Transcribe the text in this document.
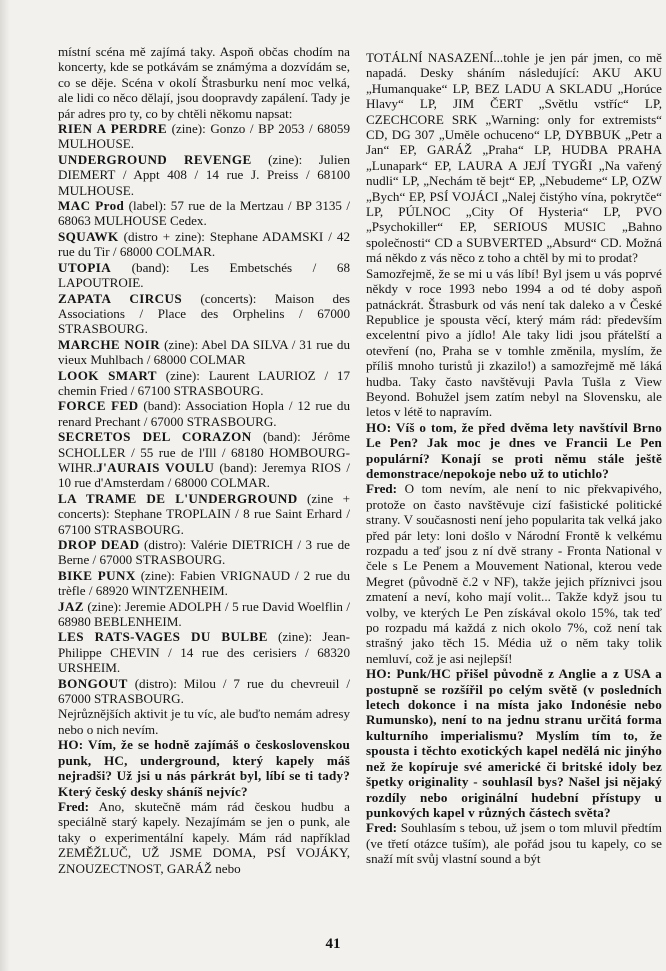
místní scéna mě zajímá taky. Aspoň občas chodím na koncerty, kde se potkávám se známýma a dozvídám se, co se děje. Scéna v okolí Štrasburku není moc velká, ale lidi co něco dělají, jsou doopravdy zapálení. Tady je pár adres pro ty, co by chtěli někomu napsat:

RIEN A PERDRE (zine): Gonzo / BP 2053 / 68059 MULHOUSE.

UNDERGROUND REVENGE (zine): Julien DIEMERT / Appt 408 / 14 rue J. Preiss / 68100 MULHOUSE.

MAC Prod (label): 57 rue de la Mertzau / BP 3135 / 68063 MULHOUSE Cedex.

SQUAWK (distro + zine): Stephane ADAMSKI / 42 rue du Tir / 68000 COLMAR.

UTOPIA (band): Les Embetschés / 68 LAPOUTROIE.

ZAPATA CIRCUS (concerts): Maison des Associations / Place des Orphelins / 67000 STRASBOURG.

MARCHE NOIR (zine): Abel DA SILVA / 31 rue du vieux Muhlbach / 68000 COLMAR

LOOK SMART (zine): Laurent LAURIOZ / 17 chemin Fried / 67100 STRASBOURG.

FORCE FED (band): Association Hopla / 12 rue du renard Prechant / 67000 STRASBOURG.

SECRETOS DEL CORAZON (band): Jérôme SCHOLLER / 55 rue de l'Ill / 68180 HOMBOURG-WIHR.J'AURAIS VOULU (band): Jeremya RIOS / 10 rue d'Amsterdam / 68000 COLMAR.

LA TRAME DE L'UNDERGROUND (zine + concerts): Stephane TROPLAIN / 8 rue Saint Erhard / 67100 STRASBOURG.

DROP DEAD (distro): Valérie DIETRICH / 3 rue de Berne / 67000 STRASBOURG.

BIKE PUNX (zine): Fabien VRIGNAUD / 2 rue du trèfle / 68920 WINTZENHEIM.

JAZ (zine): Jeremie ADOLPH / 5 rue David Woelflin / 68980 BEBLENHEIM.

LES RATS-VAGES DU BULBE (zine): Jean-Philippe CHEVIN / 14 rue des cerisiers / 68320 URSHEIM.

BONGOUT (distro): Milou / 7 rue du chevreuil / 67000 STRASBOURG.

Nejrůznějších aktivit je tu víc, ale buďto nemám adresy nebo o nich nevím.

HO: Vím, že se hodně zajímáš o československou punk, HC, underground, který kapely máš nejradši? Už jsi u nás párkrát byl, líbí se ti tady? Který český desky sháníš nejvíc?

Fred: Ano, skutečně mám rád českou hudbu a speciálně starý kapely. Nezajímám se jen o punk, ale taky o experimentální kapely. Mám rád například ZEMĚŽLUČ, UŽ JSME DOMA, PSÍ VOJÁKY, ZNOUZECTNOST, GARÁŽ nebo

TOTÁLNÍ NASAZENÍ...tohle je jen pár jmen, co mě napadá. Desky sháním následující: AKU AKU „Humanquake“ LP, BEZ LADU A SKLADU „Horúce Hlavy“ LP, JIM ČERT „Světlu vstříc“ LP, CZECHCORE SRK „Warning: only for extremists“ CD, DG 307 „Uměle ochuceno“ LP, DYBBUK „Petr a Jan“ EP, GARÁŽ „Praha“ LP, HUDBA PRAHA „Lunapark“ EP, LAURA A JEJÍ TYGŘI „Na vařený nudli“ LP, „Nechám tě bejt“ EP, „Nebudeme“ LP, OZW „Bych“ EP, PSÍ VOJÁCI „Nalej čistýho vína, pokrytče“ LP, PÚLNOC „City Of Hysteria“ LP, PVO „Psychokiller“ EP, SERIOUS MUSIC „Bahno společnosti“ CD a SUBVERTED „Absurd“ CD. Možná má někdo z vás něco z toho a chtěl by mi to prodat?

Samozřejmě, že se mi u vás líbí! Byl jsem u vás poprvé někdy v roce 1993 nebo 1994 a od té doby aspoň patnáckrát. Štrasburk od vás není tak daleko a v České Republice je spousta věcí, který mám rád: především excelentní pivo a jídlo! Ale taky lidi jsou přátelští a otevření (no, Praha se v tomhle změnila, myslím, že příliš mnoho turistů ji zkazilo!) a samozřejmě mě láká hudba. Taky často navštěvuji Pavla Tušla z View Beyond. Bohužel jsem zatím nebyl na Slovensku, ale letos v létě to napravím.

HO: Víš o tom, že před dvěma lety navštívil Brno Le Pen? Jak moc je dnes ve Francii Le Pen populární? Konají se proti němu stále ještě demonstrace/nepokoje nebo už to utichlo?

Fred: O tom nevím, ale není to nic překvapivého, protože on často navštěvuje cizí fašistické politické strany. V současnosti není jeho popularita tak velká jako před pár lety: loni došlo v Národní Frontě k velkému rozpadu a teď jsou z ní dvě strany - Fronta National v čele s Le Penem a Mouvement National, kterou vede Megret (původně č.2 v NF), takže jejich příznivci jsou zmatení a neví, koho mají volit... Takže když jsou tu volby, ve kterých Le Pen získával okolo 15%, tak teď po rozpadu má každá z nich okolo 7%, což není tak strašný jako těch 15. Média už o něm taky tolik nemluví, což je asi nejlepší!

HO: Punk/HC přišel původně z Anglie a z USA a postupně se rozšířil po celým světě (v posledních letech dokonce i na místa jako Indonésie nebo Rumunsko), není to na jednu stranu určitá forma kulturního imperialismu? Myslím tím to, že spousta i těchto exotických kapel nedělá nic jinýho než že kopíruje své americké či britské idoly bez špetky originality - souhlasíl bys? Našel jsi nějaký rozdíly nebo originální hudební přístupy u punkových kapel v různých částech světa?

Fred: Souhlasím s tebou, už jsem o tom mluvil předtím (ve třetí otázce tuším), ale pořád jsou tu kapely, co se snaží mít svůj vlastní sound a být

41
